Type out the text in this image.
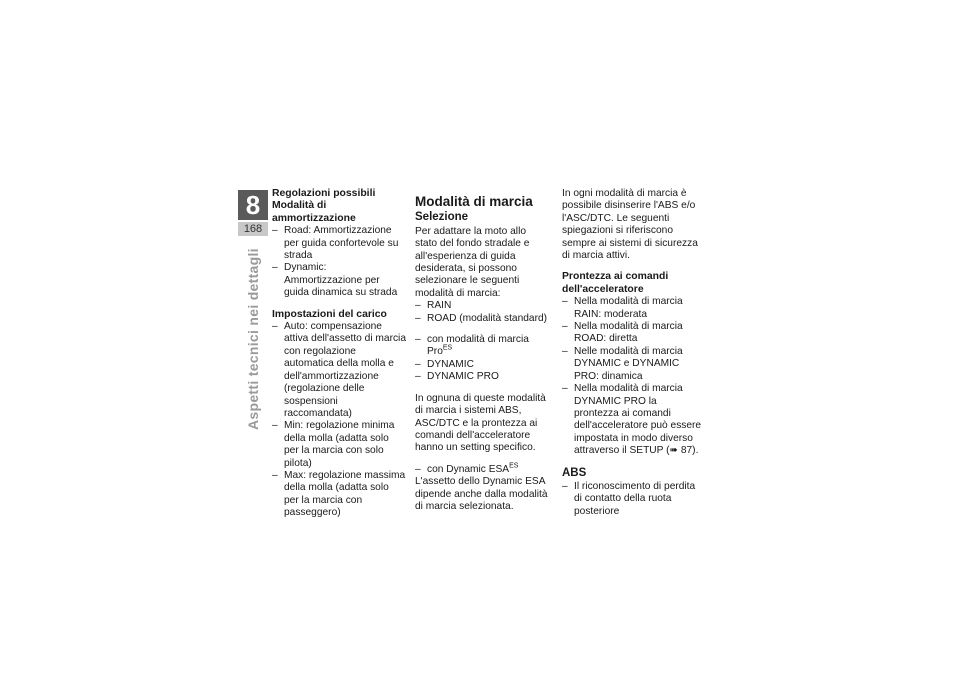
8
168
Aspetti tecnici nei dettagli

Regolazioni possibili

Modalità di ammortizzazione

– Road: Ammortizzazione per guida confortevole su strada
– Dynamic: Ammortizzazione per guida dinamica su strada

Impostazioni del carico

– Auto: compensazione attiva dell'assetto di marcia con regolazione automatica della molla e dell'ammortizzazione (regolazione delle sospensioni raccomandata)
– Min: regolazione minima della molla (adatta solo per la marcia con solo pilota)
– Max: regolazione massima della molla (adatta solo per la marcia con passeggero)

Modalità di marcia

Selezione

Per adattare la moto allo stato del fondo stradale e all'esperienza di guida desiderata, si possono selezionare le seguenti modalità di marcia:

– RAIN
– ROAD (modalità standard)
– con modalità di marcia Pro$^{ES}$
– DYNAMIC
– DYNAMIC PRO

In ognuna di queste modalità di marcia i sistemi ABS, ASC/DTC e la prontezza ai comandi dell'acceleratore hanno un setting specifico.

– con Dynamic $ESA^{ES}$

L'assetto dello Dynamic ESA dipende anche dalla modalità di marcia selezionata.

In ogni modalità di marcia è possibile disinserire l'ABS e/o l'ASC/DTC. Le seguenti spiegazioni si riferiscono sempre ai sistemi di sicurezza di marcia attivi.

Prontezza ai comandi dell'acceleratore

– Nella modalità di marcia RAIN: moderata
– Nella modalità di marcia ROAD: diretta
– Nelle modalità di marcia DYNAMIC e DYNAMIC PRO: dinamica
– Nella modalità di marcia DYNAMIC PRO la prontezza ai comandi dell'acceleratore può essere impostata in modo diverso attraverso il SETUP (➠ 87).

ABS

– Il riconoscimento di perdita di contatto della ruota posteriore
